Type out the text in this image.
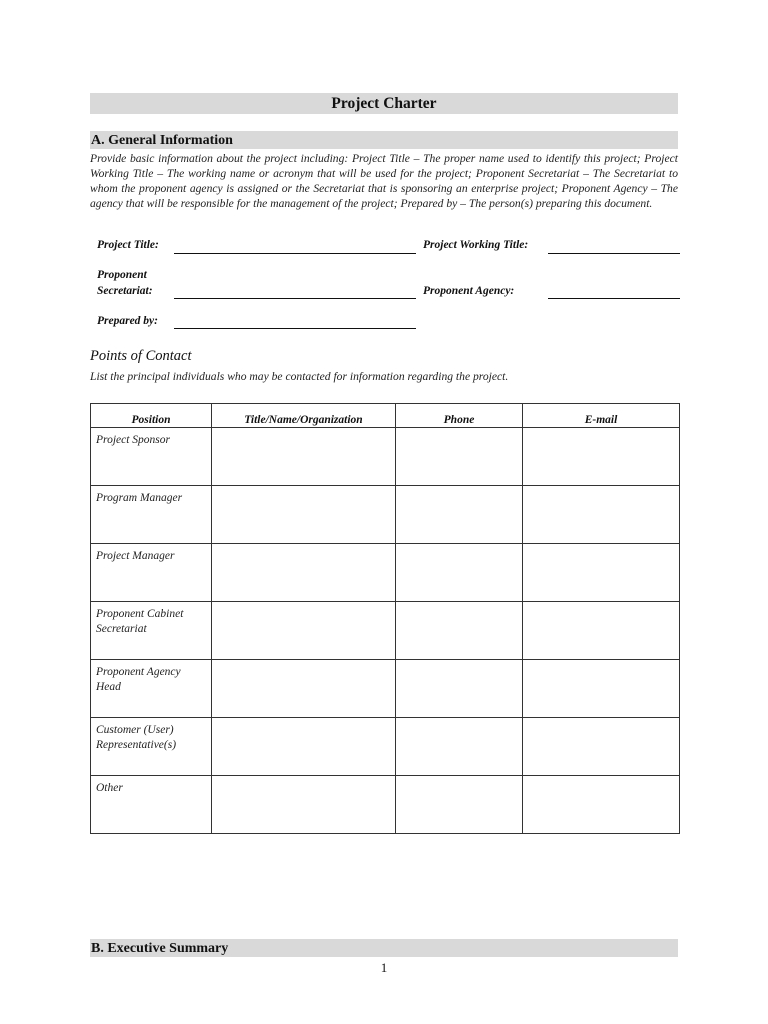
Project Charter
A. General Information
Provide basic information about the project including: Project Title – The proper name used to identify this project; Project Working Title – The working name or acronym that will be used for the project; Proponent Secretariat – The Secretariat to whom the proponent agency is assigned or the Secretariat that is sponsoring an enterprise project; Proponent Agency – The agency that will be responsible for the management of the project; Prepared by – The person(s) preparing this document.
Project Title:	Project Working Title:
Proponent
Secretariat:	Proponent Agency:
Prepared by:
Points of Contact
List the principal individuals who may be contacted for information regarding the project.
Position	Title/Name/Organization	Phone	E-mail
Project Sponsor			
Program Manager			
Project Manager			
Proponent Cabinet Secretariat			
Proponent Agency Head			
Customer (User) Representative(s)			
Other			
B. Executive Summary
1
